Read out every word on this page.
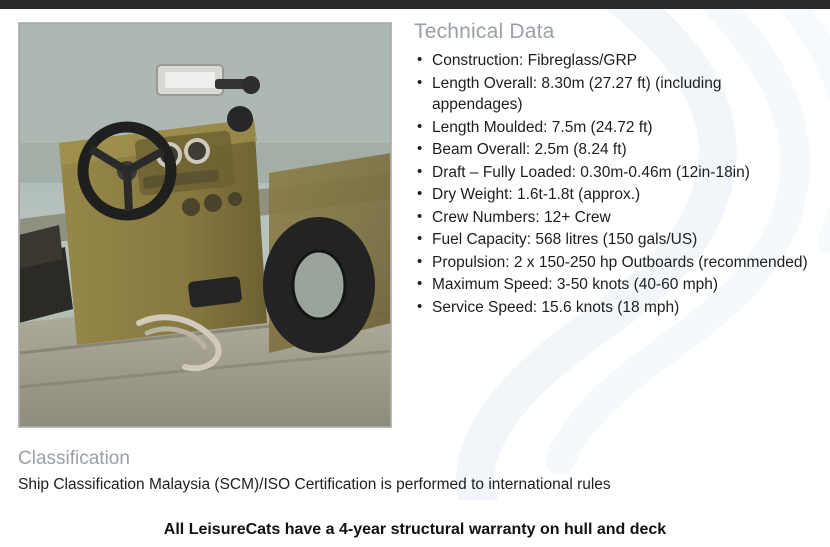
Technical Data
• Construction: Fibreglass/GRP
• Length Overall: 8.30m (27.27 ft) (including appendages)
• Length Moulded: 7.5m (24.72 ft)
• Beam Overall: 2.5m (8.24 ft)
• Draft – Fully Loaded: 0.30m-0.46m (12in-18in)
• Dry Weight: 1.6t-1.8t (approx.)
• Crew Numbers: 12+ Crew
• Fuel Capacity: 568 litres (150 gals/US)
• Propulsion: 2 x 150-250 hp Outboards (recommended)
• Maximum Speed: 3-50 knots (40-60 mph)
• Service Speed: 15.6 knots (18 mph)
Classification

Ship Classification Malaysia (SCM)/ISO Certification is performed to international rules

All LeisureCats have a 4-year structural warranty on hull and deck
